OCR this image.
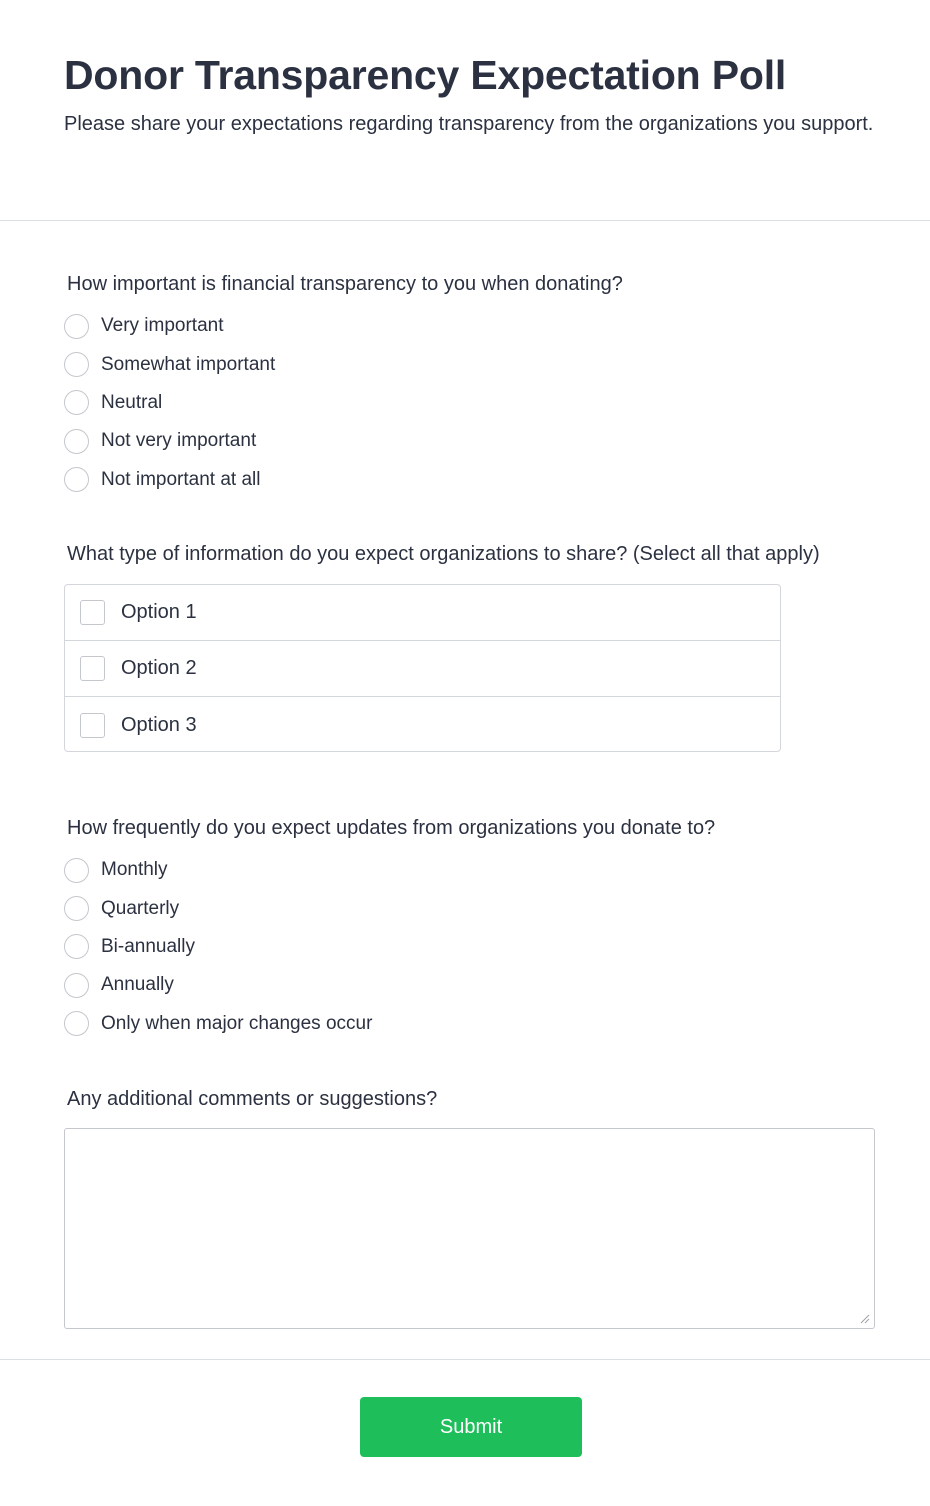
Donor Transparency Expectation Poll

Please share your expectations regarding transparency from the organizations you support.

How important is financial transparency to you when donating?
Very important
Somewhat important
Neutral
Not very important
Not important at all
What type of information do you expect organizations to share? (Select all that apply)
Option 1
Option 2
Option 3
How frequently do you expect updates from organizations you donate to?
Monthly
Quarterly
Bi-annually
Annually
Only when major changes occur
Any additional comments or suggestions?
Submit
